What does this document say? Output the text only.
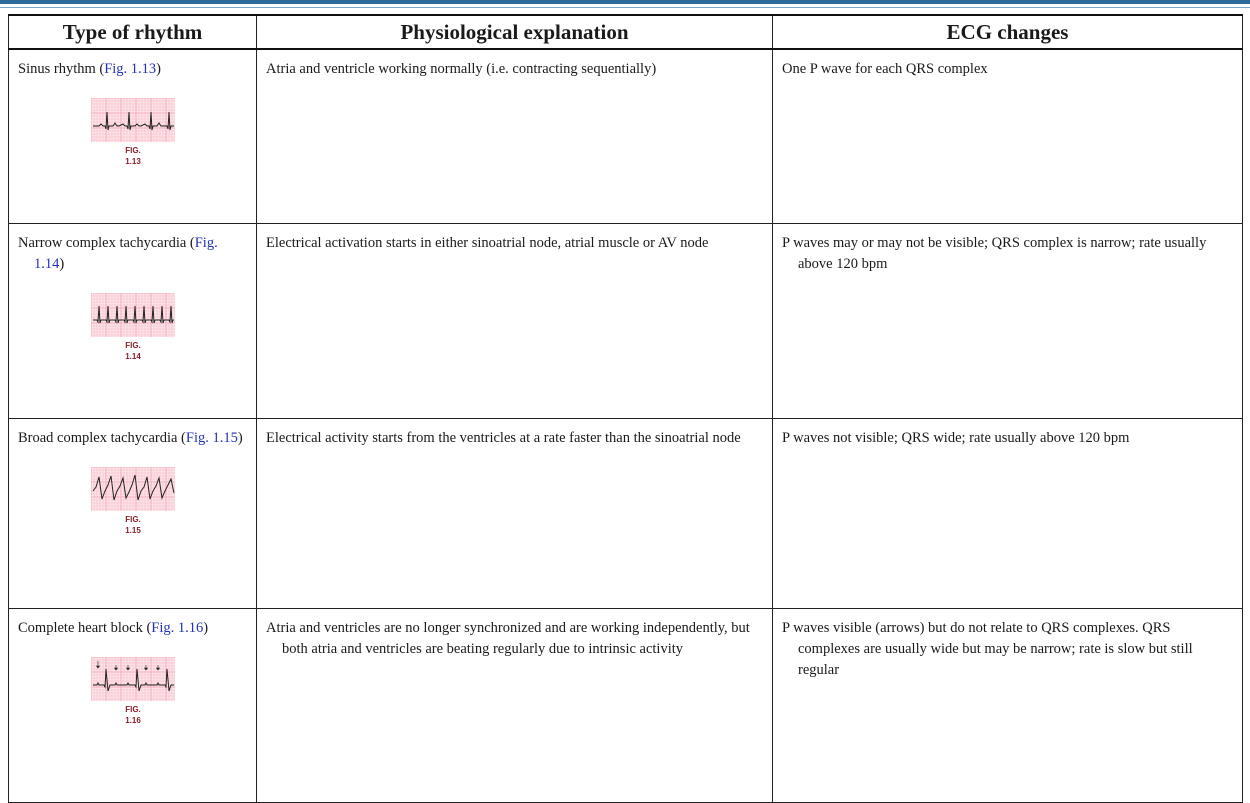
Type of rhythm	Physiological explanation	ECG changes

Sinus rhythm (Fig. 1.13)
FIG.
1.13	Atria and ventricle working normally (i.e. contracting sequentially)	One P wave for each QRS complex

Narrow complex tachycardia (Fig. 1.14)
FIG.
1.14	Electrical activation starts in either sinoatrial node, atrial muscle or AV node	P waves may or may not be visible; QRS complex is narrow; rate usually above 120 bpm

Broad complex tachycardia (Fig. 1.15)
FIG.
1.15	Electrical activity starts from the ventricles at a rate faster than the sinoatrial node	P waves not visible; QRS wide; rate usually above 120 bpm

Complete heart block (Fig. 1.16)
FIG.
1.16	Atria and ventricles are no longer synchronized and are working independently, but both atria and ventricles are beating regularly due to intrinsic activity	P waves visible (arrows) but do not relate to QRS complexes. QRS complexes are usually wide but may be narrow; rate is slow but still regular
